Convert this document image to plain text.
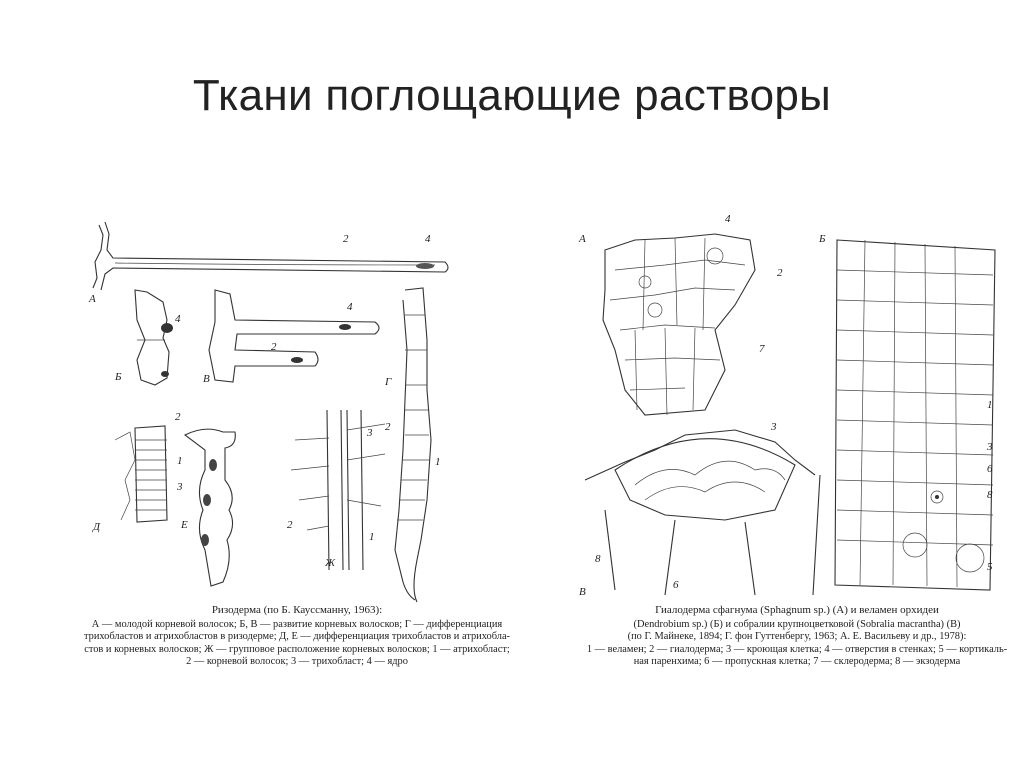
Ткани поглощающие растворы
А
Б	В	Г
Д	Е
Ж
2	4
4
4
2
2
1
3
3
2
1
2
1
Ризодерма (по Б. Кауссманну, 1963):
А — молодой корневой волосок; Б, В — развитие корневых волосков; Г — дифференциация
трихобластов и атрихобластов в ризодерме; Д, Е — дифференциация трихобластов и атрихобла-
стов и корневых волосков; Ж — групповое расположение корневых волосков; 1 — атрихобласт;
2 — корневой волосок; 3 — трихобласт; 4 — ядро
А	Б
В
4
2
7
3
8
6
1
3
6
8
5
Гиалодерма сфагнума (Sphagnum sp.) (А) и веламен орхидеи
(Dendrobium sp.) (Б) и собралии крупноцветковой (Sobralia macrantha) (В)
(по Г. Майнеке, 1894; Г. фон Гуттенбергу, 1963; А. Е. Васильеву и др., 1978):
1 — веламен; 2 — гиалодерма; 3 — кроющая клетка; 4 — отверстия в стенках; 5 — кортикаль-
ная паренхима; 6 — пропускная клетка; 7 — склеродерма; 8 — экзодерма
